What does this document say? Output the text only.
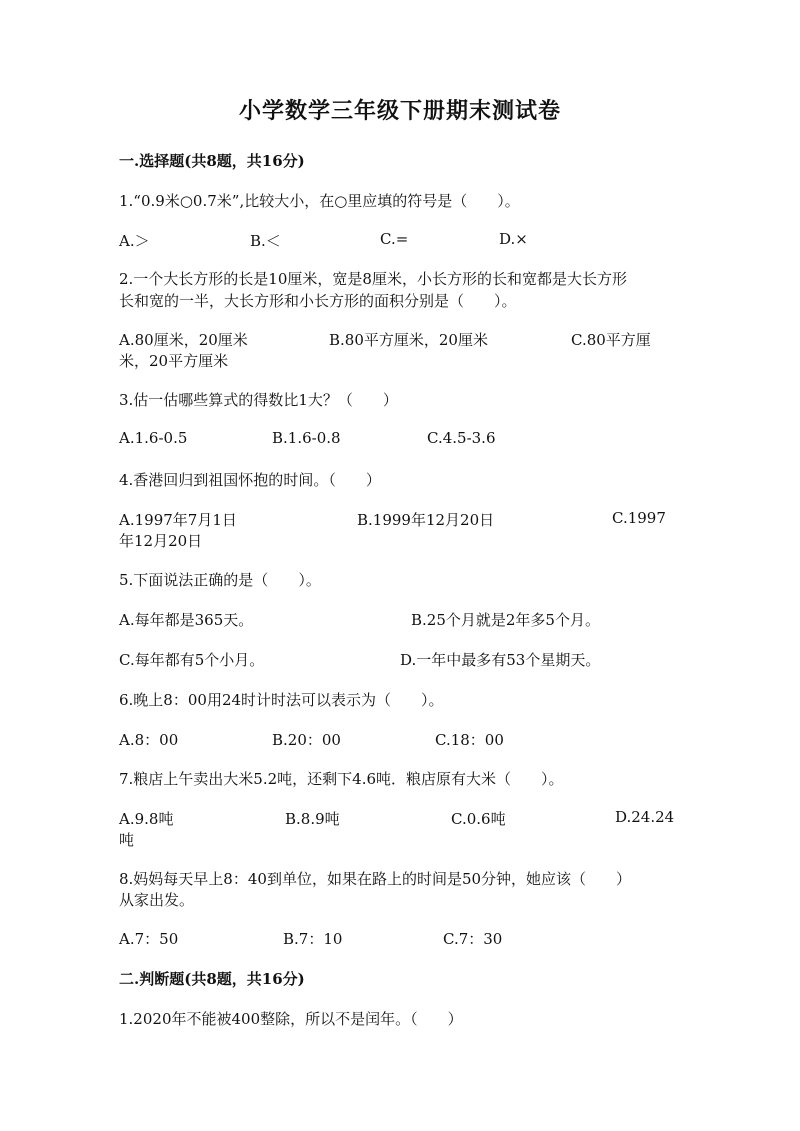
小学数学三年级下册期末测试卷
一.选择题(共8题，共16分)
1.“0.9米○0.7米”,比较大小，在○里应填的符号是（　　）。
A.＞	B.＜	C.=	D.×
2.一个大长方形的长是10厘米，宽是8厘米，小长方形的长和宽都是大长方形
长和宽的一半，大长方形和小长方形的面积分别是（　　）。
A.80厘米，20厘米	B.80平方厘米，20厘米	C.80平方厘
米，20平方厘米
3.估一估哪些算式的得数比1大？（　　）
A.1.6-0.5	B.1.6-0.8	C.4.5-3.6
4.香港回归到祖国怀抱的时间。（　　）
A.1997年7月1日	B.1999年12月20日	C.1997
年12月20日
5.下面说法正确的是（　　）。
A.每年都是365天。	B.25个月就是2年多5个月。
C.每年都有5个小月。	D.一年中最多有53个星期天。
6.晚上8：00用24时计时法可以表示为（　　）。
A.8：00	B.20：00	C.18：00
7.粮店上午卖出大米5.2吨，还剩下4.6吨．粮店原有大米（　　）。
A.9.8吨	B.8.9吨	C.0.6吨	D.24.24
吨
8.妈妈每天早上8：40到单位，如果在路上的时间是50分钟，她应该（　　）
从家出发。
A.7：50	B.7：10	C.7：30
二.判断题(共8题，共16分)
1.2020年不能被400整除，所以不是闰年。（　　）
